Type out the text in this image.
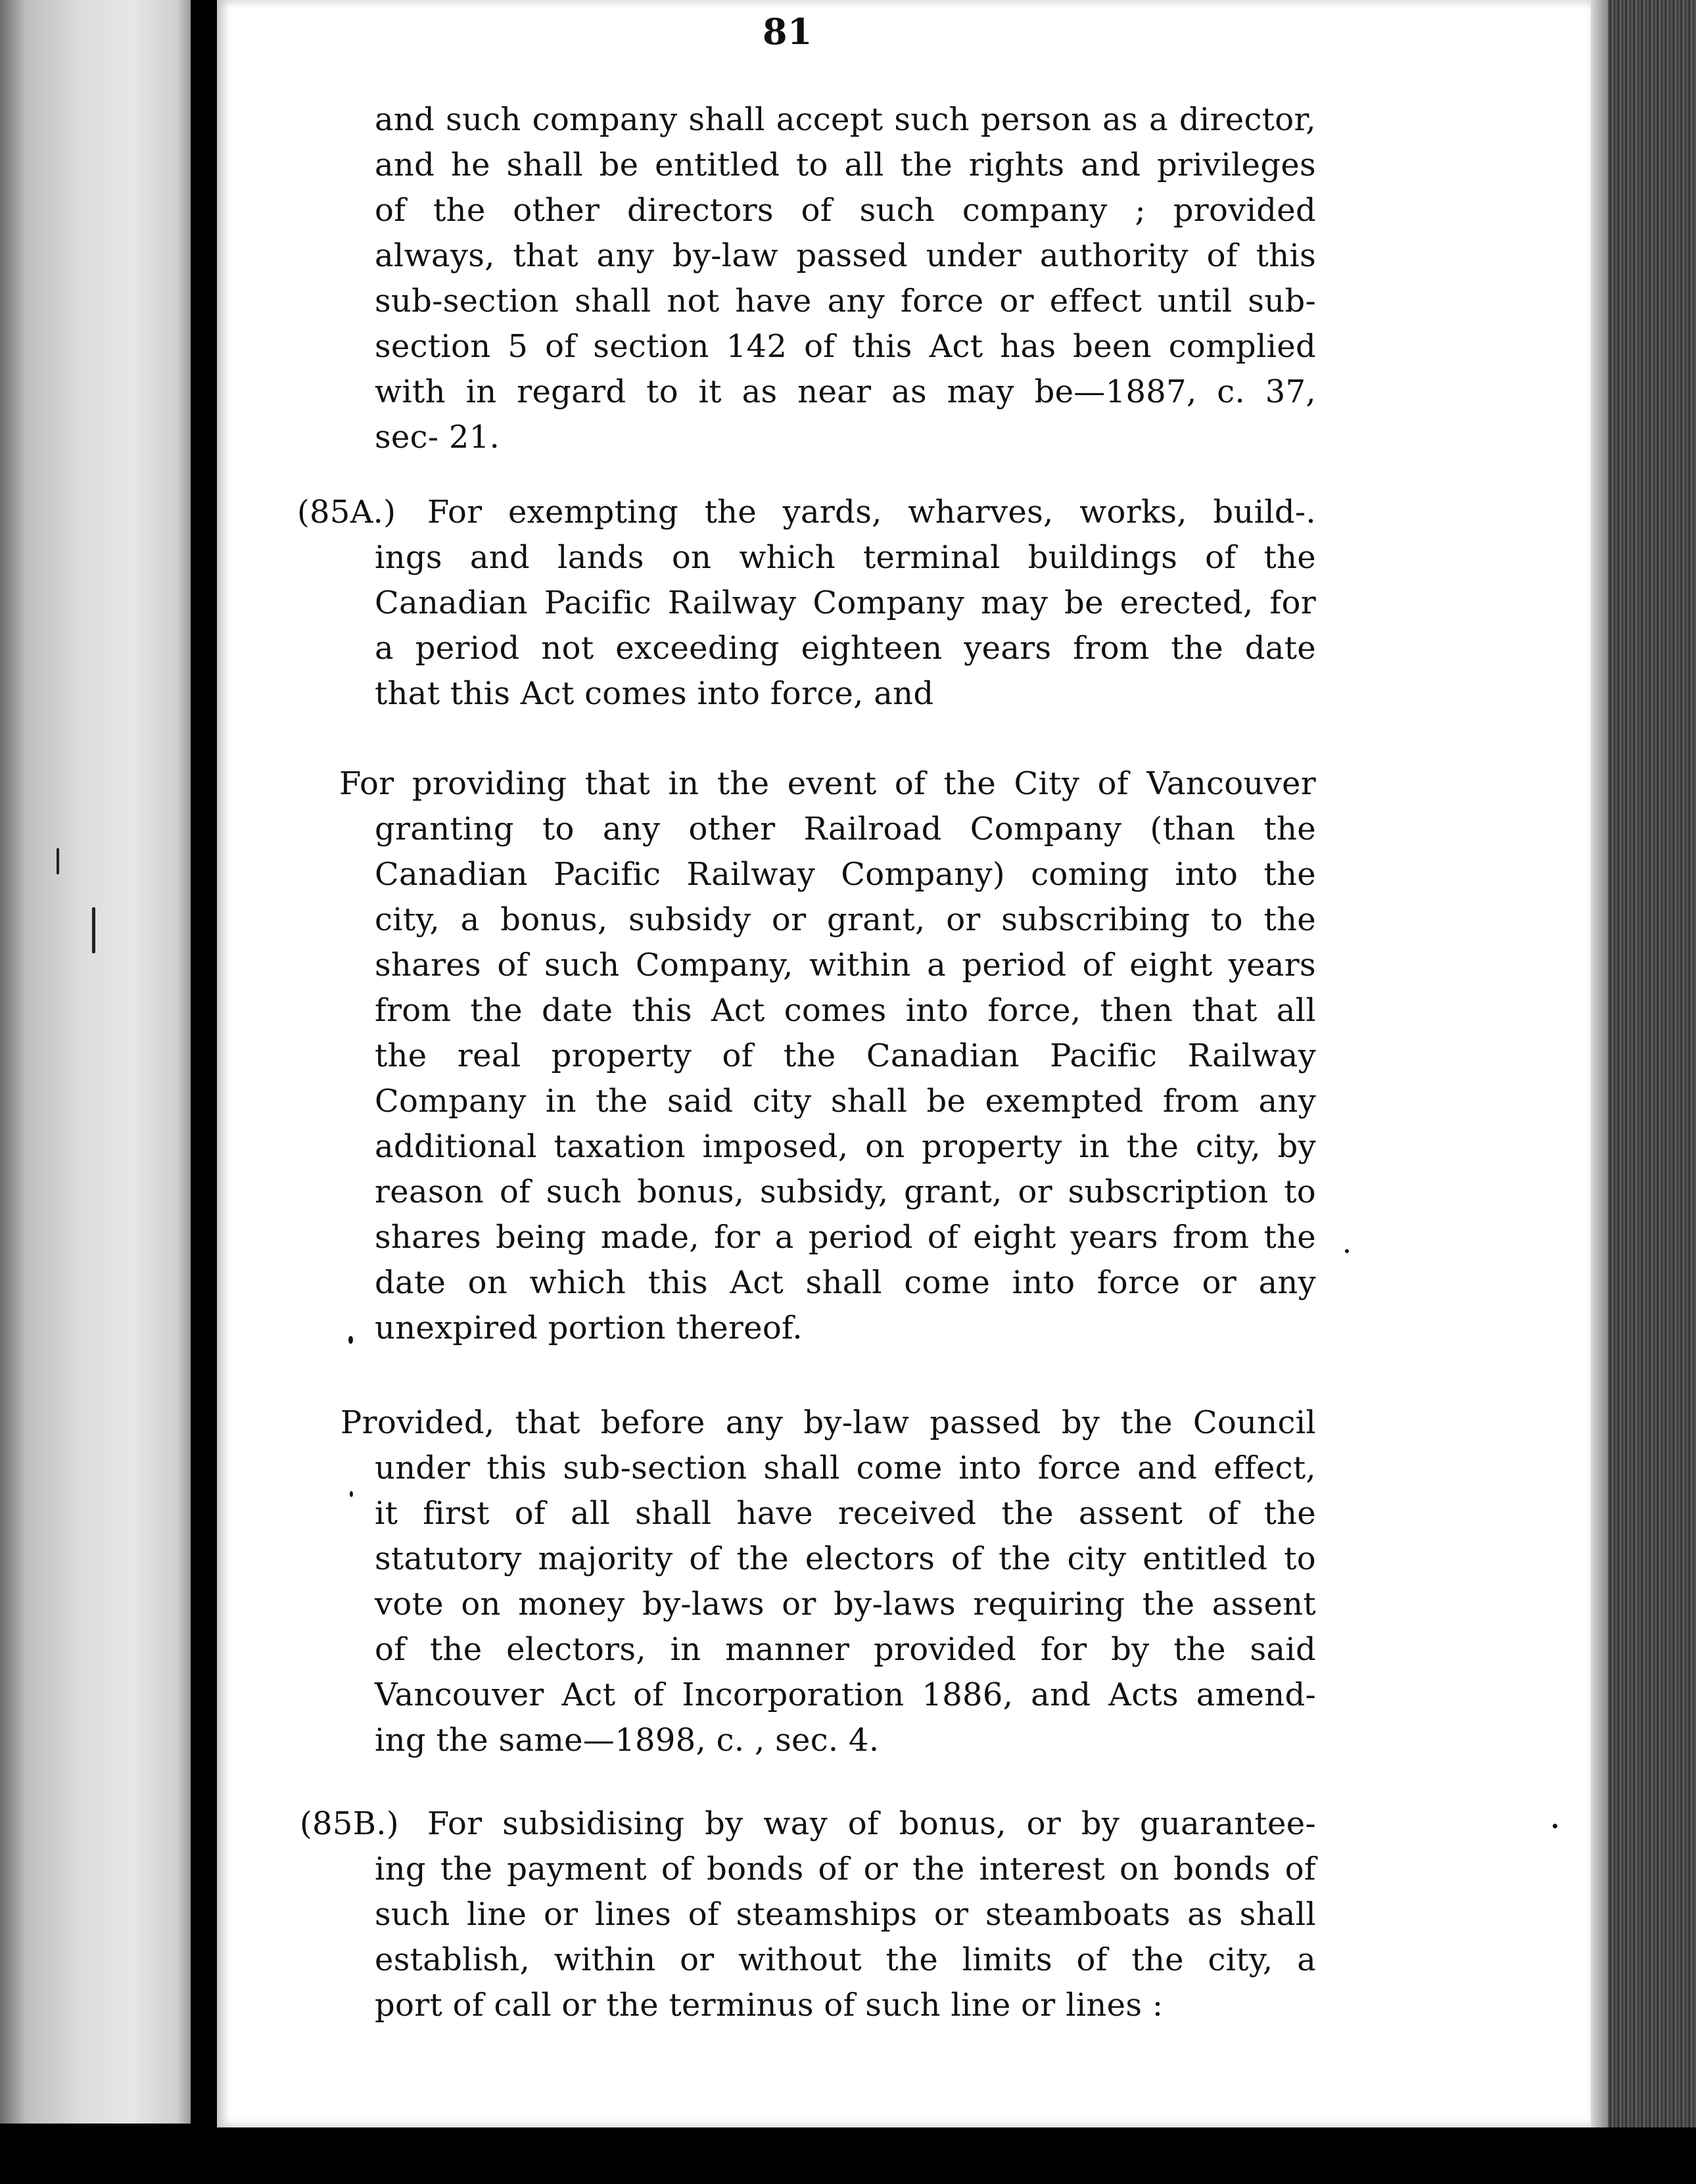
81
and such company shall accept such person as a director,
and he shall be entitled to all the rights and privileges
of the other directors of such company ; provided
always, that any by-law passed under authority of this
sub-section shall not have any force or effect until sub-
section 5 of section 142 of this Act has been complied
with in regard to it as near as may be—1887, c. 37,
sec- 21.
(85A.) For exempting the yards, wharves, works, build-.
ings and lands on which terminal buildings of the
Canadian Pacific Railway Company may be erected, for
a period not exceeding eighteen years from the date
that this Act comes into force, and
For providing that in the event of the City of Vancouver
granting to any other Railroad Company (than the
Canadian Pacific Railway Company) coming into the
city, a bonus, subsidy or grant, or subscribing to the
shares of such Company, within a period of eight years
from the date this Act comes into force, then that all
the real property of the Canadian Pacific Railway
Company in the said city shall be exempted from any
additional taxation imposed, on property in the city, by
reason of such bonus, subsidy, grant, or subscription to
shares being made, for a period of eight years from the
date on which this Act shall come into force or any
unexpired portion thereof.
Provided, that before any by-law passed by the Council
under this sub-section shall come into force and effect,
it first of all shall have received the assent of the
statutory majority of the electors of the city entitled to
vote on money by-laws or by-laws requiring the assent
of the electors, in manner provided for by the said
Vancouver Act of Incorporation 1886, and Acts amend-
ing the same—1898, c. , sec. 4.
(85B.) For subsidising by way of bonus, or by guarantee-
ing the payment of bonds of or the interest on bonds of
such line or lines of steamships or steamboats as shall
establish, within or without the limits of the city, a
port of call or the terminus of such line or lines :
